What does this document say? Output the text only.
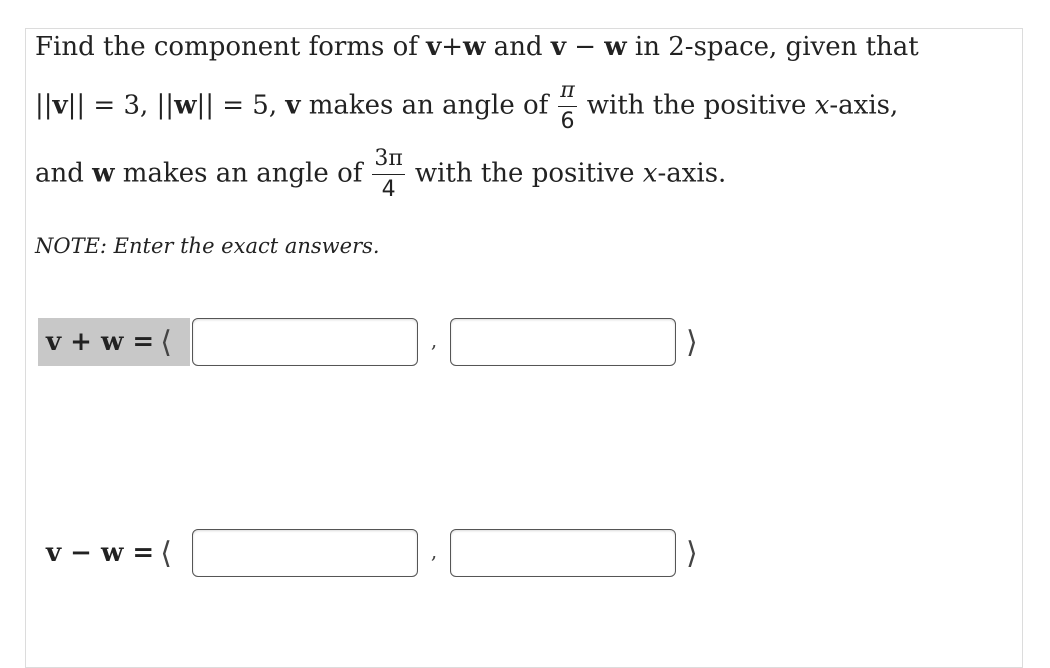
Find the component forms of v+w and v − w in 2-space, given that
||v|| = 3, ||w|| = 5, v makes an angle of $\frac{\pi}{6}$ with the positive x-axis,
and w makes an angle of $\frac{3\pi}{4}$ with the positive x-axis.
NOTE: Enter the exact answers.
v + w = ⟨	,	⟩
v − w = ⟨	,	⟩
